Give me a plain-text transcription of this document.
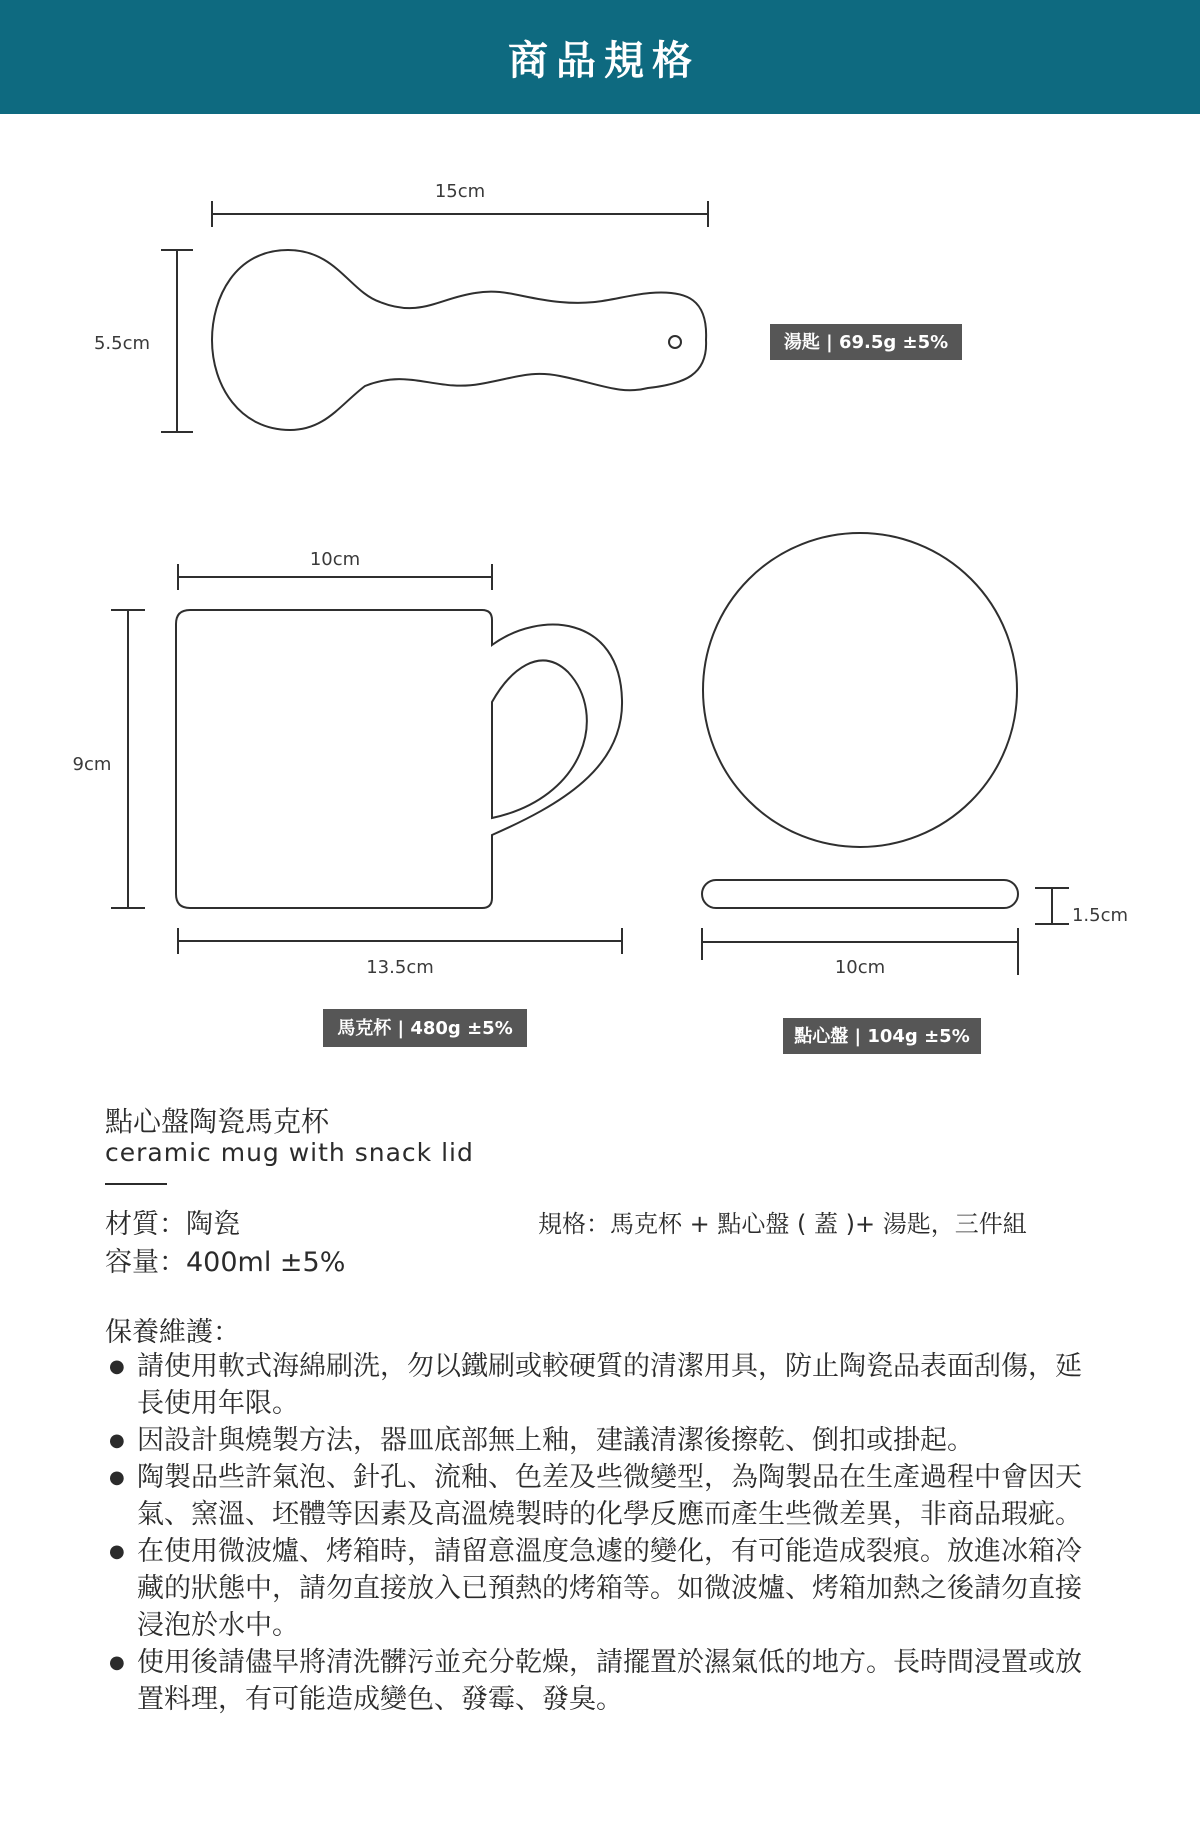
商品規格
15cm
5.5cm
10cm
9cm
13.5cm
1.5cm
10cm
湯匙 | 69.5g ±5%
馬克杯 | 480g ±5%	點心盤 | 104g ±5%
點心盤陶瓷馬克杯
ceramic mug with snack lid
材質：陶瓷
容量：400ml ±5%
規格：馬克杯 + 點心盤 ( 蓋 )+ 湯匙，三件組
保養維護：
● 請使用軟式海綿刷洗，勿以鐵刷或較硬質的清潔用具，防止陶瓷品表面刮傷，延長使用年限。
● 因設計與燒製方法，器皿底部無上釉，建議清潔後擦乾、倒扣或掛起。
● 陶製品些許氣泡、針孔、流釉、色差及些微變型，為陶製品在生產過程中會因天氣、窯溫、坯體等因素及高溫燒製時的化學反應而產生些微差異，非商品瑕疵。
● 在使用微波爐、烤箱時，請留意溫度急遽的變化，有可能造成裂痕。放進冰箱冷藏的狀態中，請勿直接放入已預熱的烤箱等。如微波爐、烤箱加熱之後請勿直接浸泡於水中。
● 使用後請儘早將清洗髒污並充分乾燥，請擺置於濕氣低的地方。長時間浸置或放置料理，有可能造成變色、發霉、發臭。
